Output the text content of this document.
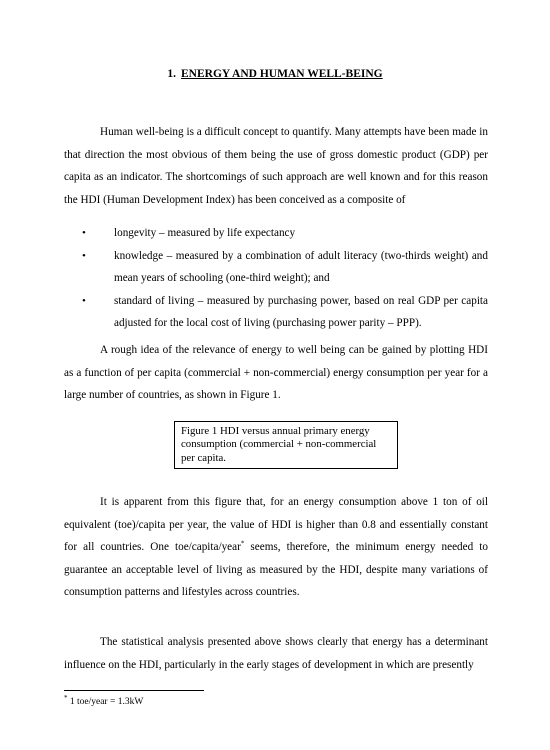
1. ENERGY AND HUMAN WELL-BEING
Human well-being is a difficult concept to quantify. Many attempts have been made in that direction the most obvious of them being the use of gross domestic product (GDP) per capita as an indicator. The shortcomings of such approach are well known and for this reason the HDI (Human Development Index) has been conceived as a composite of
•	longevity – measured by life expectancy
•	knowledge – measured by a combination of adult literacy (two-thirds weight) and mean years of schooling (one-third weight); and
•	standard of living – measured by purchasing power, based on real GDP per capita adjusted for the local cost of living (purchasing power parity – PPP).
A rough idea of the relevance of energy to well being can be gained by plotting HDI as a function of per capita (commercial + non-commercial) energy consumption per year for a large number of countries, as shown in Figure 1.
Figure 1 HDI versus annual primary energy consumption (commercial + non-commercial per capita.
It is apparent from this figure that, for an energy consumption above 1 ton of oil equivalent (toe)/capita per year, the value of HDI is higher than 0.8 and essentially constant for all countries. One toe/capita/year* seems, therefore, the minimum energy needed to guarantee an acceptable level of living as measured by the HDI, despite many variations of consumption patterns and lifestyles across countries.
The statistical analysis presented above shows clearly that energy has a determinant influence on the HDI, particularly in the early stages of development in which are presently
* 1 toe/year = 1.3kW
